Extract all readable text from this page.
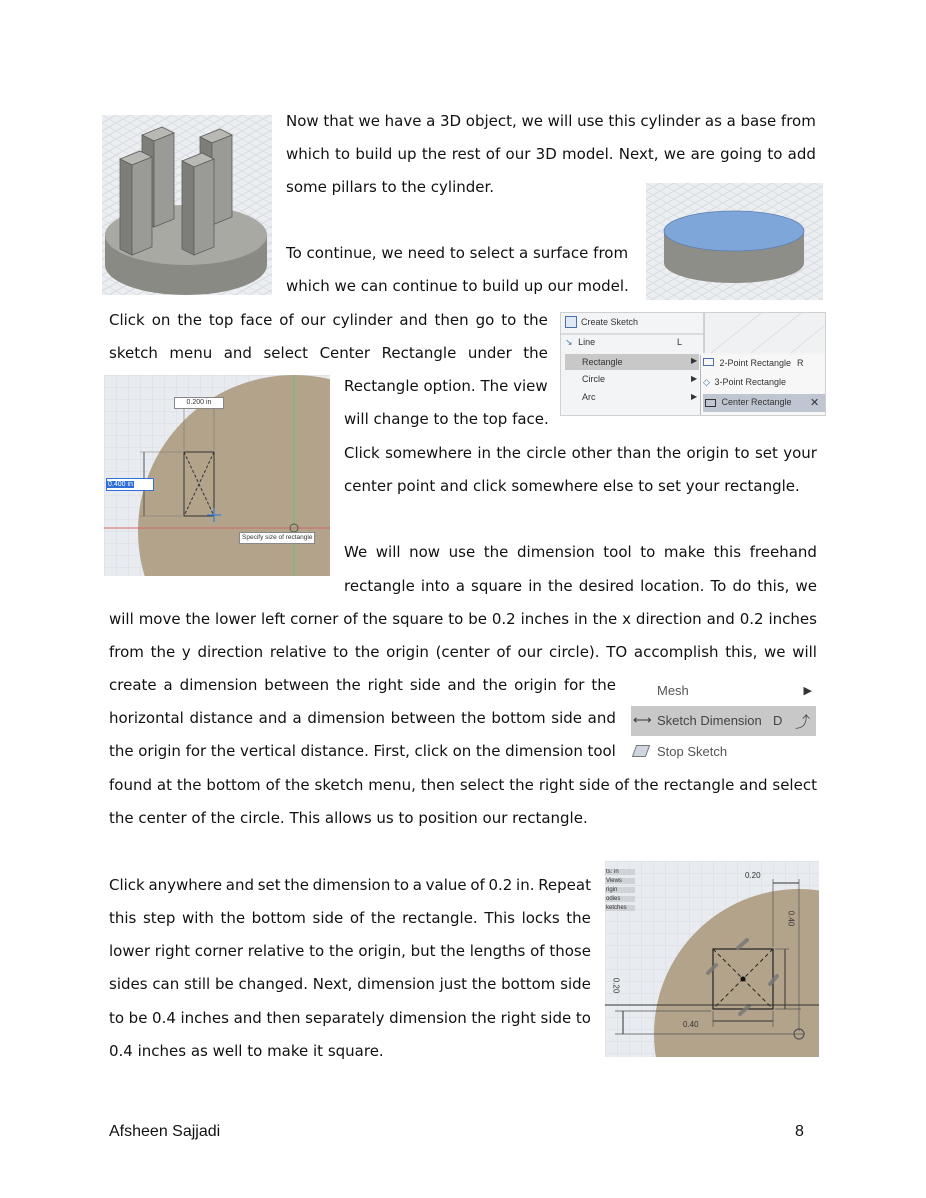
Create Sketch
↘ Line	L
Rectangle	▶
Circle	▶
Arc	▶
2-Point Rectangle R
◇ 3-Point Rectangle
Center Rectangle ✕
0.200 in
0.400 in
Specify size of rectangle
Mesh	▶
⟷ Sketch Dimension D ⤴
Stop Sketch
ts: in
Views
rigin
odies
ketches
0.20
0.40
0.20
0.40
Now that we have a 3D object, we will use this cylinder as a base from
which to build up the rest of our 3D model. Next, we are going to add
some pillars to the cylinder.
To continue, we need to select a surface from
which we can continue to build up our model.
Click on the top face of our cylinder and then go to the
sketch menu and select Center Rectangle under the
Rectangle option. The view
will change to the top face.
Click somewhere in the circle other than the origin to set your
center point and click somewhere else to set your rectangle.
We will now use the dimension tool to make this freehand
rectangle into a square in the desired location. To do this, we
will move the lower left corner of the square to be 0.2 inches in the x direction and 0.2 inches
from the y direction relative to the origin (center of our circle). TO accomplish this, we will
create a dimension between the right side and the origin for the
horizontal distance and a dimension between the bottom side and
the origin for the vertical distance. First, click on the dimension tool
found at the bottom of the sketch menu, then select the right side of the rectangle and select
the center of the circle. This allows us to position our rectangle.
Click anywhere and set the dimension to a value of 0.2 in. Repeat
this step with the bottom side of the rectangle. This locks the
lower right corner relative to the origin, but the lengths of those
sides can still be changed. Next, dimension just the bottom side
to be 0.4 inches and then separately dimension the right side to
0.4 inches as well to make it square.
Afsheen Sajjadi	8
